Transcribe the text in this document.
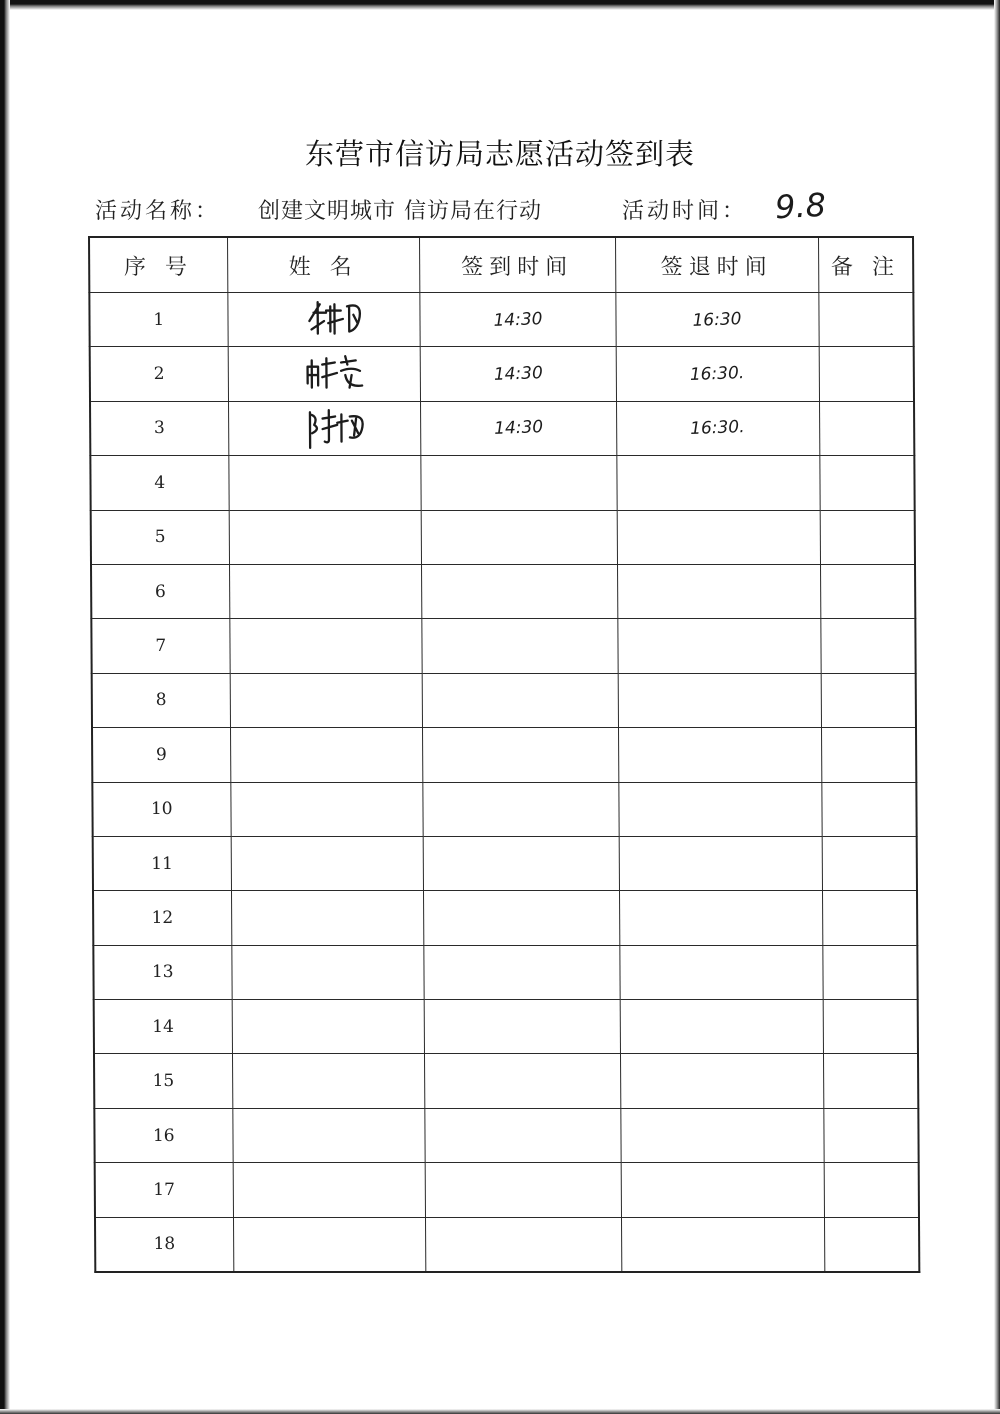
东营市信访局志愿活动签到表
活动名称： 创建文明城市 信访局在行动	活动时间： 9.8
序 号	姓 名	签到时间	签退时间	备 注
1		14:30	16:30	
2		14:30	16:30.	
3		14:30	16:30.	
4				
5				
6				
7				
8				
9				
10				
11				
12				
13				
14				
15				
16				
17				
18				
